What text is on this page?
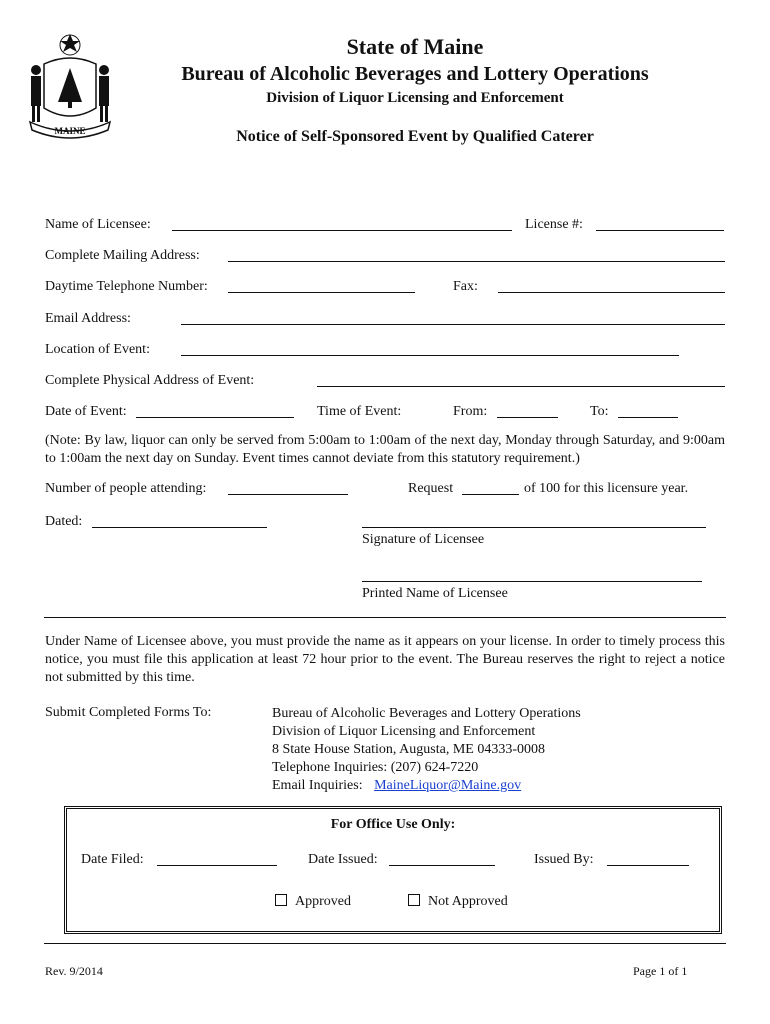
MAINE
State of Maine
Bureau of Alcoholic Beverages and Lottery Operations
Division of Liquor Licensing and Enforcement
Notice of Self-Sponsored Event by Qualified Caterer
Name of Licensee:	License #:
Complete Mailing Address:
Daytime Telephone Number:	Fax:
Email Address:
Location of Event:
Complete Physical Address of Event:
Date of Event:	Time of Event:	From:	To:
(Note: By law, liquor can only be served from 5:00am to 1:00am of the next day, Monday through Saturday, and 9:00am to 1:00am the next day on Sunday. Event times cannot deviate from this statutory requirement.)
Number of people attending:	Request	of 100 for this licensure year.
Dated:
Signature of Licensee
Printed Name of Licensee
Under Name of Licensee above, you must provide the name as it appears on your license. In order to timely process this notice, you must file this application at least 72 hour prior to the event. The Bureau reserves the right to reject a notice not submitted by this time.
Submit Completed Forms To:	Bureau of Alcoholic Beverages and Lottery Operations
Division of Liquor Licensing and Enforcement
8 State House Station, Augusta, ME 04333-0008
Telephone Inquiries: (207) 624-7220
Email Inquiries: MaineLiquor@Maine.gov
For Office Use Only:
Date Filed:	Date Issued:	Issued By:
Approved	Not Approved
Rev. 9/2014	Page 1 of 1
